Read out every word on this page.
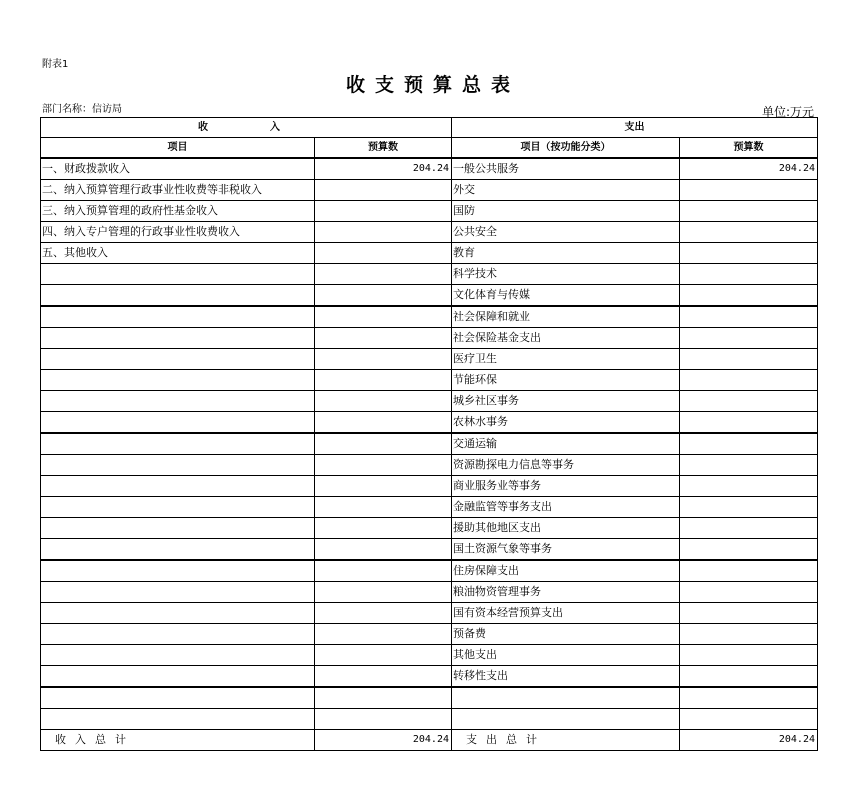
附表1
收支预算总表
部门名称：信访局	单位:万元
收　　入		支出	
项目	预算数	项目（按功能分类）	预算数
一、财政拨款收入	204.24	一般公共服务	204.24
二、纳入预算管理行政事业性收费等非税收入		外交	
三、纳入预算管理的政府性基金收入		国防	
四、纳入专户管理的行政事业性收费收入		公共安全	
五、其他收入		教育	
		科学技术	
		文化体育与传媒	
		社会保障和就业	
		社会保险基金支出	
		医疗卫生	
		节能环保	
		城乡社区事务	
		农林水事务	
		交通运输	
		资源勘探电力信息等事务	
		商业服务业等事务	
		金融监管等事务支出	
		援助其他地区支出	
		国土资源气象等事务	
		住房保障支出	
		粮油物资管理事务	
		国有资本经营预算支出	
		预备费	
		其他支出	
		转移性支出	

收入总计	204.24	支出总计	204.24
